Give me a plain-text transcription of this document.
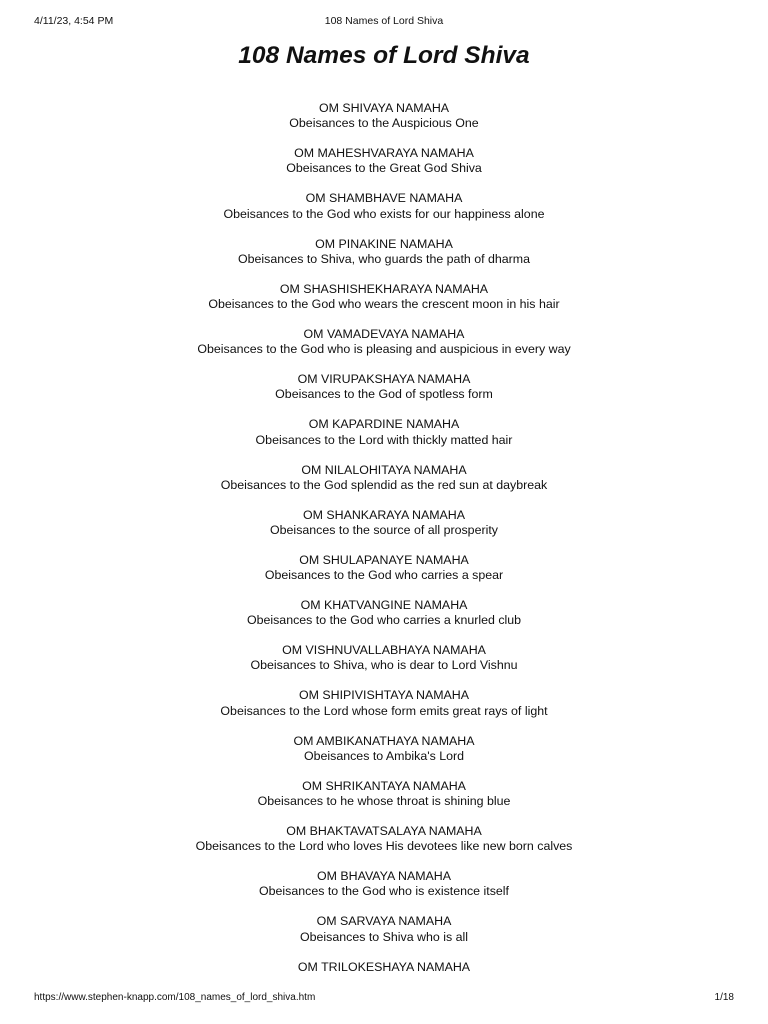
4/11/23, 4:54 PM	108 Names of Lord Shiva
108 Names of Lord Shiva
OM SHIVAYA NAMAHA
Obeisances to the Auspicious One
OM MAHESHVARAYA NAMAHA
Obeisances to the Great God Shiva
OM SHAMBHAVE NAMAHA
Obeisances to the God who exists for our happiness alone
OM PINAKINE NAMAHA
Obeisances to Shiva, who guards the path of dharma
OM SHASHISHEKHARAYA NAMAHA
Obeisances to the God who wears the crescent moon in his hair
OM VAMADEVAYA NAMAHA
Obeisances to the God who is pleasing and auspicious in every way
OM VIRUPAKSHAYA NAMAHA
Obeisances to the God of spotless form
OM KAPARDINE NAMAHA
Obeisances to the Lord with thickly matted hair
OM NILALOHITAYA NAMAHA
Obeisances to the God splendid as the red sun at daybreak
OM SHANKARAYA NAMAHA
Obeisances to the source of all prosperity
OM SHULAPANAYE NAMAHA
Obeisances to the God who carries a spear
OM KHATVANGINE NAMAHA
Obeisances to the God who carries a knurled club
OM VISHNUVALLABHAYA NAMAHA
Obeisances to Shiva, who is dear to Lord Vishnu
OM SHIPIVISHTAYA NAMAHA
Obeisances to the Lord whose form emits great rays of light
OM AMBIKANATHAYA NAMAHA
Obeisances to Ambika's Lord
OM SHRIKANTAYA NAMAHA
Obeisances to he whose throat is shining blue
OM BHAKTAVATSALAYA NAMAHA
Obeisances to the Lord who loves His devotees like new born calves
OM BHAVAYA NAMAHA
Obeisances to the God who is existence itself
OM SARVAYA NAMAHA
Obeisances to Shiva who is all
OM TRILOKESHAYA NAMAHA
https://www.stephen-knapp.com/108_names_of_lord_shiva.htm	1/18
